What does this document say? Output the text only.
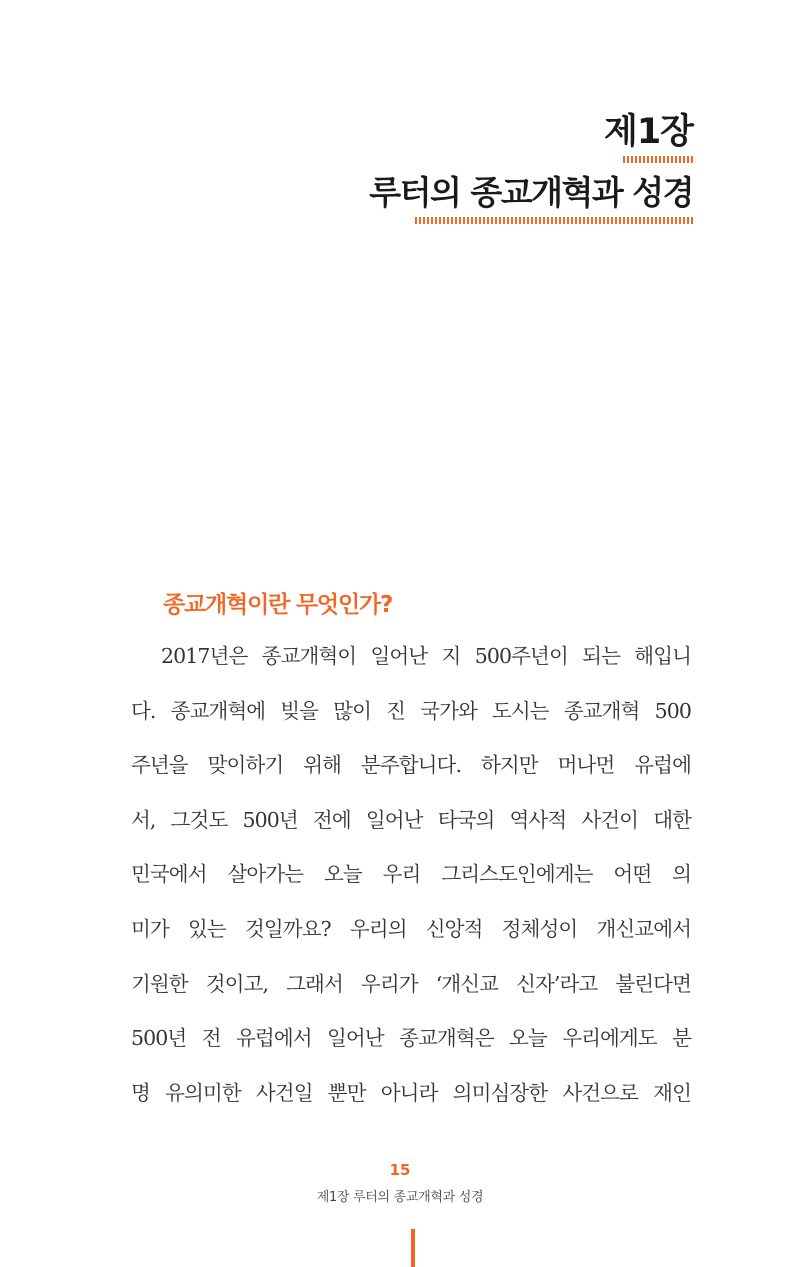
제1장
루터의 종교개혁과 성경
종교개혁이란 무엇인가?
2017년은 종교개혁이 일어난 지 500주년이 되는 해입니
다. 종교개혁에 빚을 많이 진 국가와 도시는 종교개혁 500
주년을 맞이하기 위해 분주합니다. 하지만 머나먼 유럽에
서, 그것도 500년 전에 일어난 타국의 역사적 사건이 대한
민국에서 살아가는 오늘 우리 그리스도인에게는 어떤 의
미가 있는 것일까요? 우리의 신앙적 정체성이 개신교에서
기원한 것이고, 그래서 우리가 ‘개신교 신자’라고 불린다면
500년 전 유럽에서 일어난 종교개혁은 오늘 우리에게도 분
명 유의미한 사건일 뿐만 아니라 의미심장한 사건으로 재인
15
제1장 루터의 종교개혁과 성경
